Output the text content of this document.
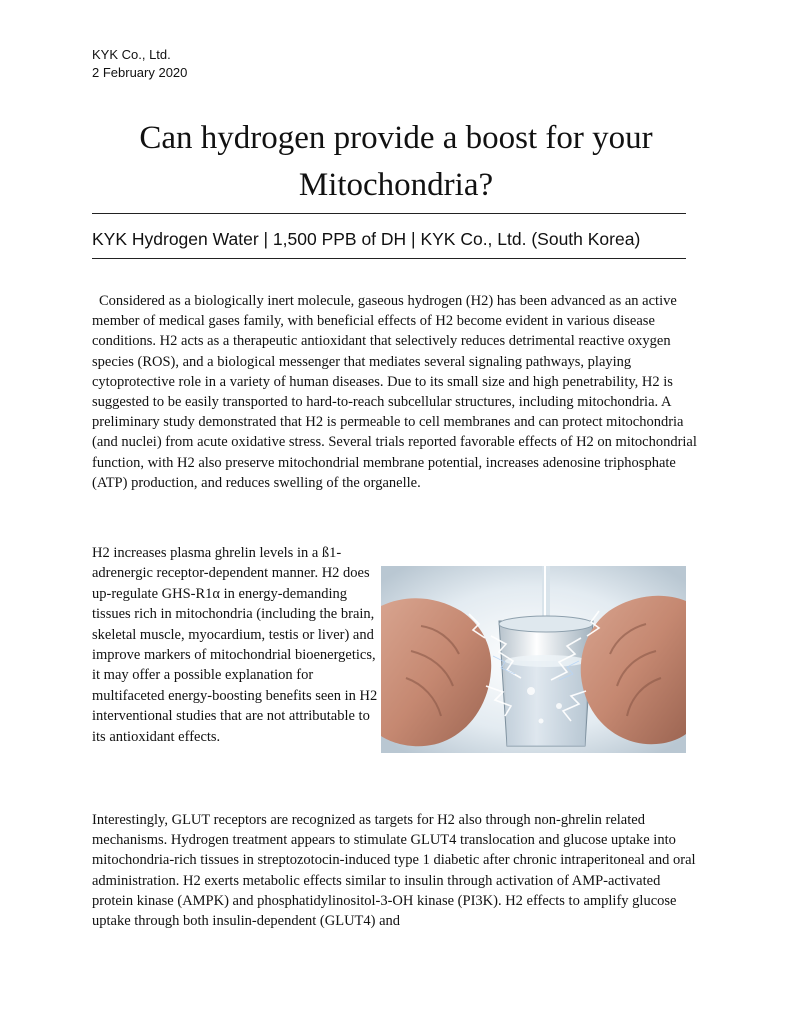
KYK Co., Ltd.
2 February 2020
Can hydrogen provide a boost for your
Mitochondria?
KYK Hydrogen Water | 1,500 PPB of DH | KYK Co., Ltd. (South Korea)

Considered as a biologically inert molecule, gaseous hydrogen (H2) has been advanced as an active member of medical gases family, with beneficial effects of H2 become evident in various disease conditions. H2 acts as a therapeutic antioxidant that selectively reduces detrimental reactive oxygen species (ROS), and a biological messenger that mediates several signaling pathways, playing cytoprotective role in a variety of human diseases. Due to its small size and high penetrability, H2 is suggested to be easily transported to hard-to-reach subcellular structures, including mitochondria. A preliminary study demonstrated that H2 is permeable to cell membranes and can protect mitochondria (and nuclei) from acute oxidative stress. Several trials reported favorable effects of H2 on mitochondrial function, with H2 also preserve mitochondrial membrane potential, increases adenosine triphosphate (ATP) production, and reduces swelling of the organelle.

H2 increases plasma ghrelin levels in a ß1-adrenergic receptor-dependent manner. H2 does up-regulate GHS-R1α in energy-demanding tissues rich in mitochondria (including the brain, skeletal muscle, myocardium, testis or liver) and improve markers of mitochondrial bioenergetics, it may offer a possible explanation for multifaceted energy-boosting benefits seen in H2 interventional studies that are not attributable to its antioxidant effects.

Interestingly, GLUT receptors are recognized as targets for H2 also through non-ghrelin related mechanisms. Hydrogen treatment appears to stimulate GLUT4 translocation and glucose uptake into mitochondria-rich tissues in streptozotocin-induced type 1 diabetic after chronic intraperitoneal and oral administration. H2 exerts metabolic effects similar to insulin through activation of AMP-activated protein kinase (AMPK) and phosphatidylinositol-3-OH kinase (PI3K). H2 effects to amplify glucose uptake through both insulin-dependent (GLUT4) and
